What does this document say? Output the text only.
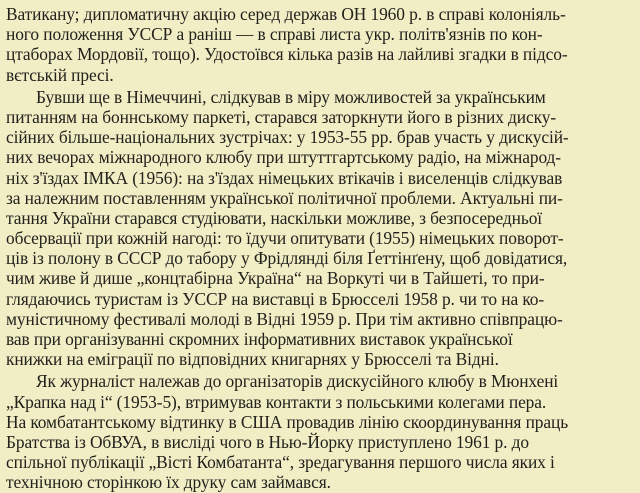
Ватикану; дипломатичну акцію серед держав ОН 1960 р. в справі колоніяль-
ного положення УССР а раніш — в справі листа укр. політв'язнів по кон-
цтаборах Мордовії, тощо). Удостоївся кілька разів на лайливі згадки в підсо-
вєтській пресі.
Бувши ще в Німеччині, слідкував в міру можливостей за українським
питанням на боннському паркеті, старався заторкнути його в різних диску-
сійних більше-національних зустрічах: у 1953-55 рр. брав участь у дискусій-
них вечорах міжнародного клюбу при штуттгартському радіо, на міжнарод-
ніх з'їздах ІМКА (1956): на з'їздах німецьких втікачів і виселенців слідкував
за належним поставленням української політичної проблеми. Актуальні пи-
тання України старався студіювати, наскільки можливе, з безпосередньої
обсервації при кожній нагоді: то їдучи опитувати (1955) німецьких поворот-
ців із полону в СССР до табору у Фрідлянді біля Ґеттінґену, щоб довідатися,
чим живе й дише „концтабірна Україна“ на Воркуті чи в Тайшеті, то при-
глядаючись туристам із УССР на виставці в Брюсселі 1958 р. чи то на ко-
муністичному фестивалі молоді в Відні 1959 р. При тім активно співпрацю-
вав при організуванні скромних інформативних виставок української
книжки на еміграції по відповідних книгарнях у Брюсселі та Відні.
Як журналіст належав до організаторів дискусійного клюбу в Мюнхені
„Крапка над і“ (1953-5), втримував контакти з польськими колегами пера.
На комбатантському відтинку в США провадив лінію скоординування праць
Братства із ОбВУА, в висліді чого в Нью-Йорку приступлено 1961 р. до
спільної публікації „Вісті Комбатанта“, зредагування першого числа яких і
технічною сторінкою їх друку сам займався.
